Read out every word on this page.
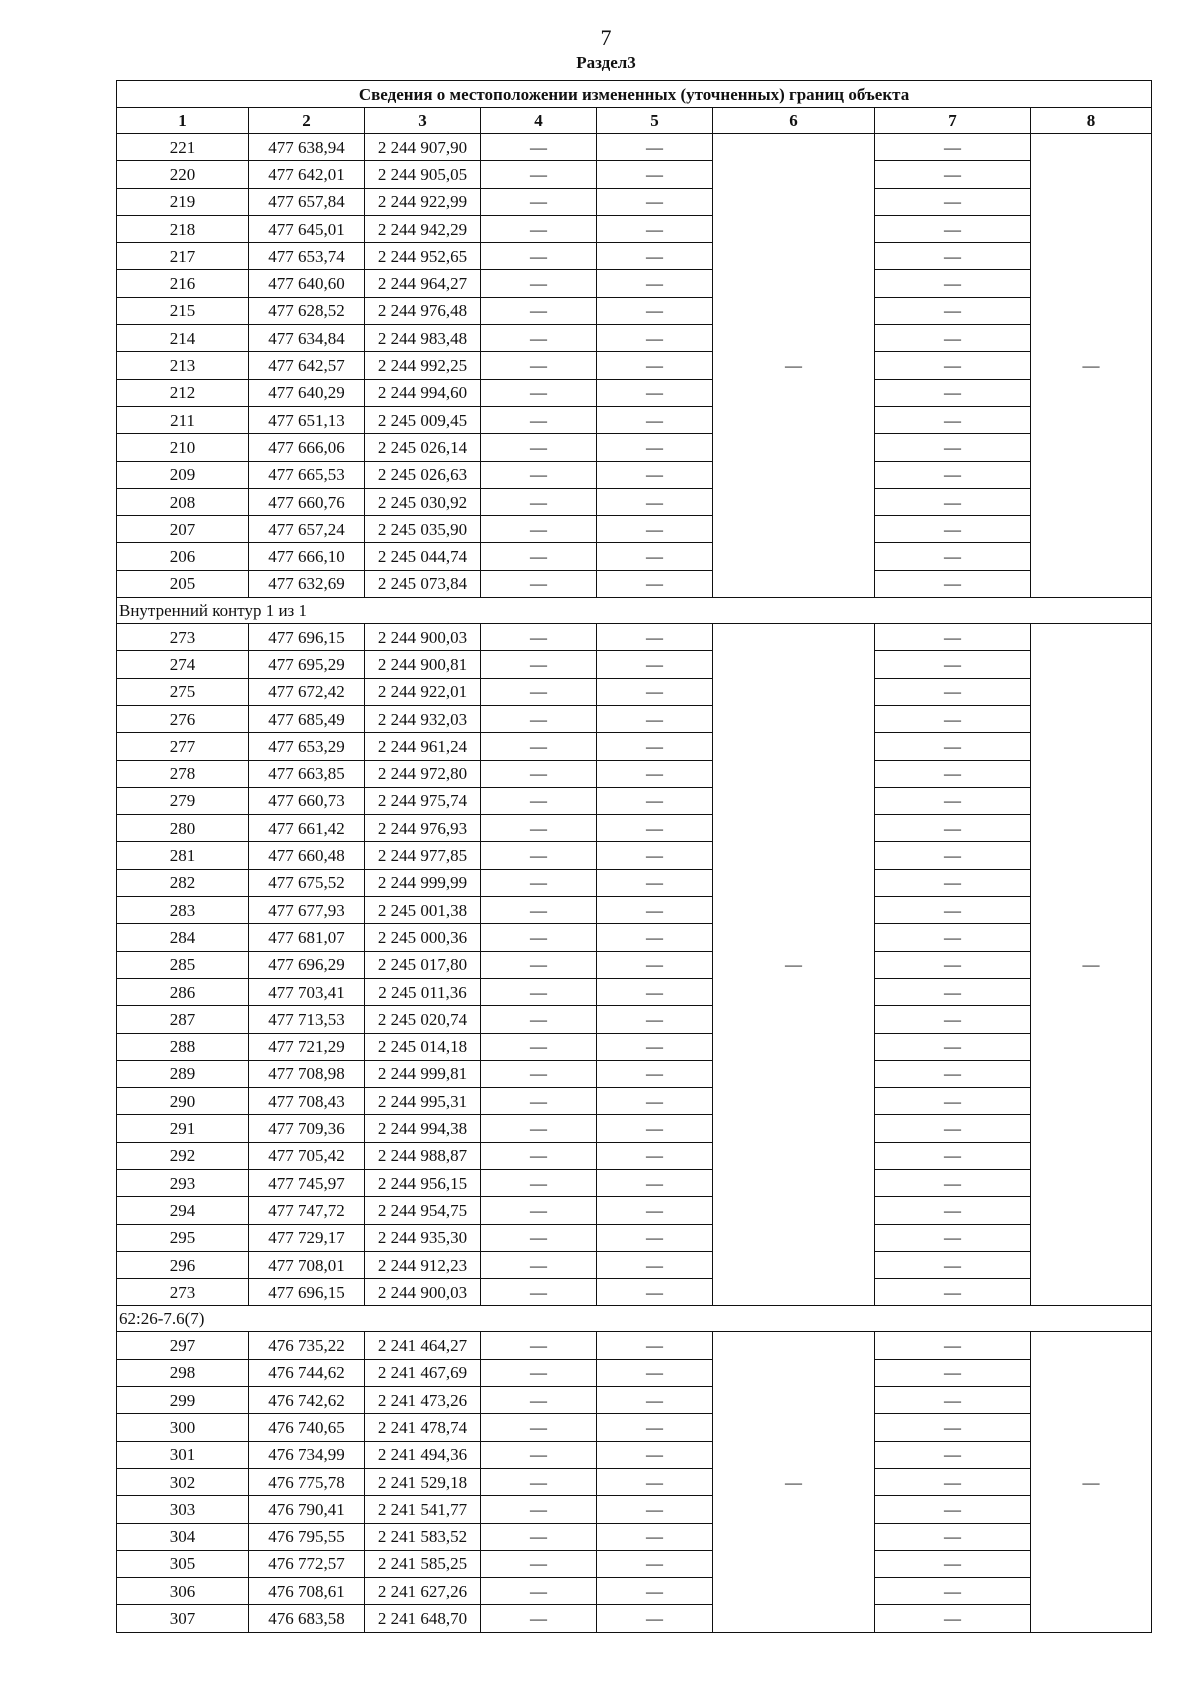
7
Раздел3
Сведения о местоположении измененных (уточненных) границ объекта							
1	2	3	4	5	6	7	8
221	477 638,94	2 244 907,90	—	—	—	—	—
220	477 642,01	2 244 905,05	—	—		—	
219	477 657,84	2 244 922,99	—	—		—	
218	477 645,01	2 244 942,29	—	—		—	
217	477 653,74	2 244 952,65	—	—		—	
216	477 640,60	2 244 964,27	—	—		—	
215	477 628,52	2 244 976,48	—	—		—	
214	477 634,84	2 244 983,48	—	—		—	
213	477 642,57	2 244 992,25	—	—		—	
212	477 640,29	2 244 994,60	—	—		—	
211	477 651,13	2 245 009,45	—	—		—	
210	477 666,06	2 245 026,14	—	—		—	
209	477 665,53	2 245 026,63	—	—		—	
208	477 660,76	2 245 030,92	—	—		—	
207	477 657,24	2 245 035,90	—	—		—	
206	477 666,10	2 245 044,74	—	—		—	
205	477 632,69	2 245 073,84	—	—		—	
Внутренний контур 1 из 1							
273	477 696,15	2 244 900,03	—	—	—	—	—
274	477 695,29	2 244 900,81	—	—		—	
275	477 672,42	2 244 922,01	—	—		—	
276	477 685,49	2 244 932,03	—	—		—	
277	477 653,29	2 244 961,24	—	—		—	
278	477 663,85	2 244 972,80	—	—		—	
279	477 660,73	2 244 975,74	—	—		—	
280	477 661,42	2 244 976,93	—	—		—	
281	477 660,48	2 244 977,85	—	—		—	
282	477 675,52	2 244 999,99	—	—		—	
283	477 677,93	2 245 001,38	—	—		—	
284	477 681,07	2 245 000,36	—	—		—	
285	477 696,29	2 245 017,80	—	—		—	
286	477 703,41	2 245 011,36	—	—		—	
287	477 713,53	2 245 020,74	—	—		—	
288	477 721,29	2 245 014,18	—	—		—	
289	477 708,98	2 244 999,81	—	—		—	
290	477 708,43	2 244 995,31	—	—		—	
291	477 709,36	2 244 994,38	—	—		—	
292	477 705,42	2 244 988,87	—	—		—	
293	477 745,97	2 244 956,15	—	—		—	
294	477 747,72	2 244 954,75	—	—		—	
295	477 729,17	2 244 935,30	—	—		—	
296	477 708,01	2 244 912,23	—	—		—	
273	477 696,15	2 244 900,03	—	—		—	
62:26-7.6(7)							
297	476 735,22	2 241 464,27	—	—	—	—	—
298	476 744,62	2 241 467,69	—	—		—	
299	476 742,62	2 241 473,26	—	—		—	
300	476 740,65	2 241 478,74	—	—		—	
301	476 734,99	2 241 494,36	—	—		—	
302	476 775,78	2 241 529,18	—	—		—	
303	476 790,41	2 241 541,77	—	—		—	
304	476 795,55	2 241 583,52	—	—		—	
305	476 772,57	2 241 585,25	—	—		—	
306	476 708,61	2 241 627,26	—	—		—	
307	476 683,58	2 241 648,70	—	—		—	
